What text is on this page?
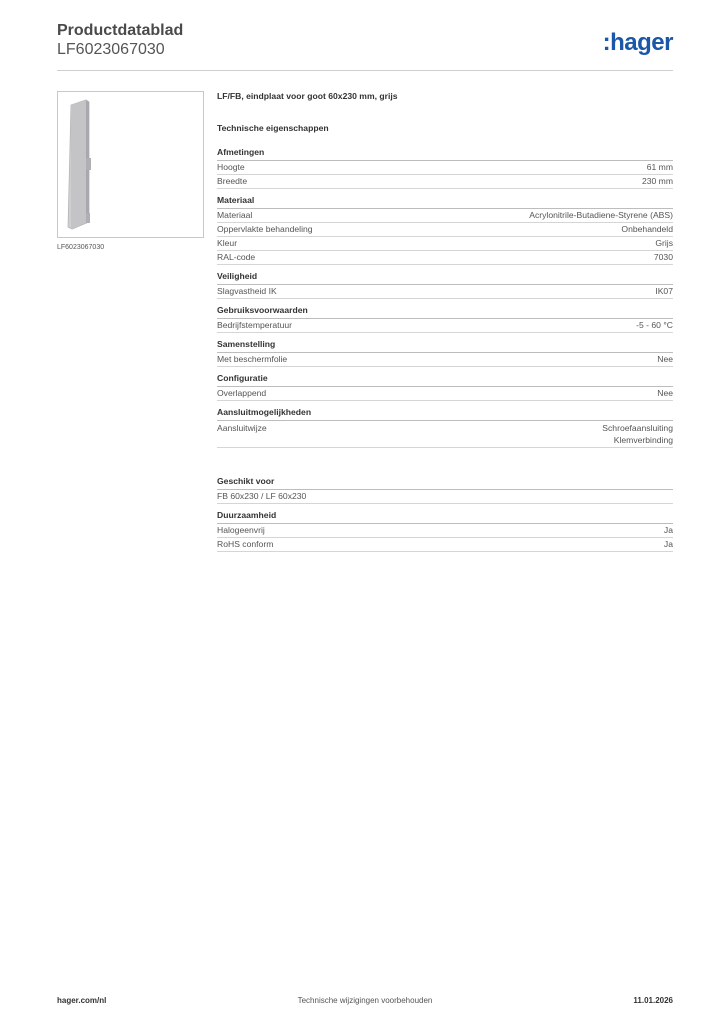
Productdatablad
LF6023067030	:hager
LF6023067030
LF/FB, eindplaat voor goot 60x230 mm, grijs
Technische eigenschappen
Afmetingen
Hoogte	61 mm
Breedte	230 mm
Materiaal
Materiaal	Acrylonitrile-Butadiene-Styrene (ABS)
Oppervlakte behandeling	Onbehandeld
Kleur	Grijs
RAL-code	7030
Veiligheid
Slagvastheid IK	IK07
Gebruiksvoorwaarden
Bedrijfstemperatuur	-5 - 60 °C
Samenstelling
Met beschermfolie	Nee
Configuratie
Overlappend	Nee
Aansluitmogelijkheden
Aansluitwijze	Schroefaansluiting
Klemverbinding
Geschikt voor
FB 60x230 / LF 60x230
Duurzaamheid
Halogeenvrij	Ja
RoHS conform	Ja
hager.com/nl	Technische wijzigingen voorbehouden	11.01.2026
